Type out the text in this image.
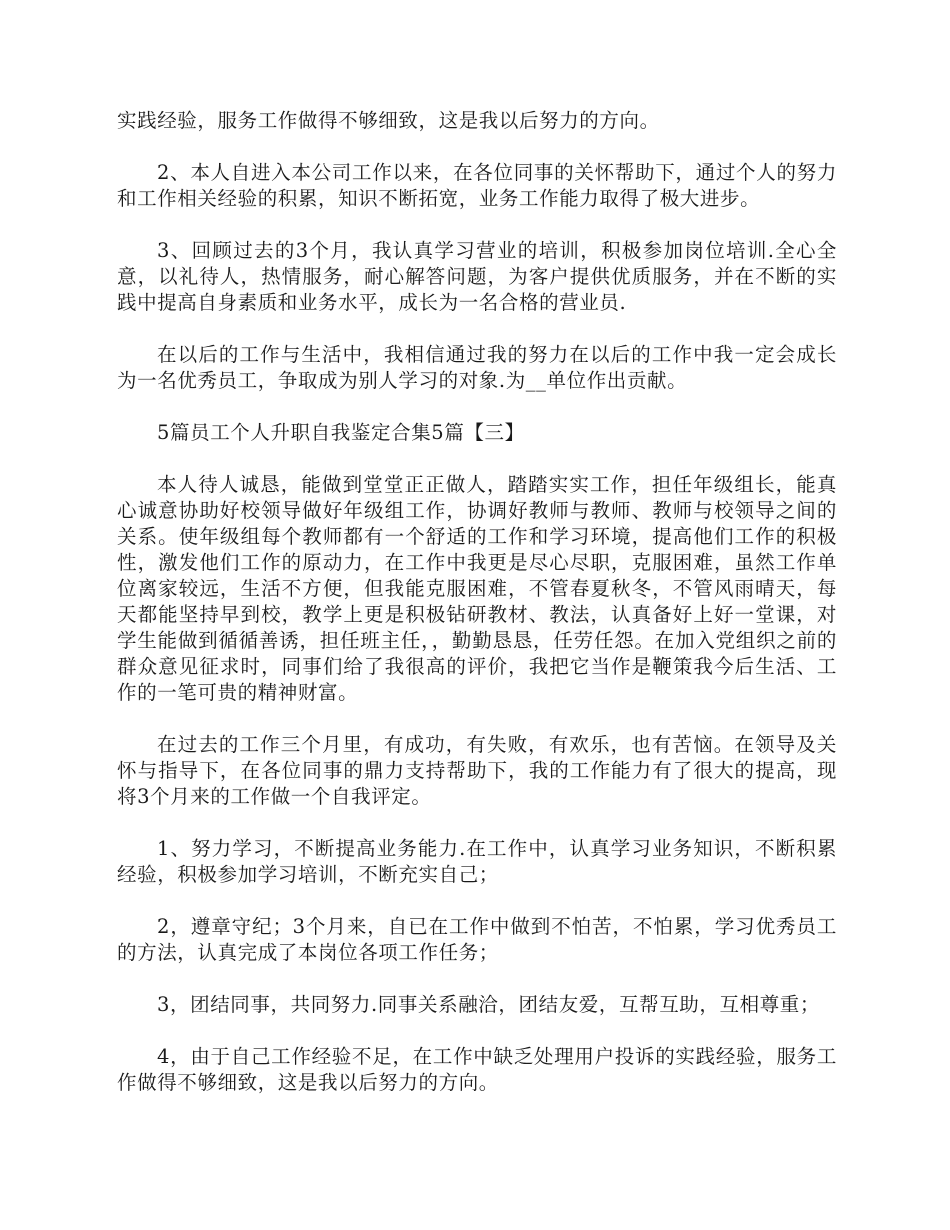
实践经验，服务工作做得不够细致，这是我以后努力的方向。

2、本人自进入本公司工作以来，在各位同事的关怀帮助下，通过个人的努力和工作相关经验的积累，知识不断拓宽，业务工作能力取得了极大进步。

3、回顾过去的3个月，我认真学习营业的培训，积极参加岗位培训.全心全意，以礼待人，热情服务，耐心解答问题，为客户提供优质服务，并在不断的实践中提高自身素质和业务水平，成长为一名合格的营业员.

在以后的工作与生活中，我相信通过我的努力在以后的工作中我一定会成长为一名优秀员工，争取成为别人学习的对象.为__单位作出贡献。

5篇员工个人升职自我鉴定合集5篇【三】

本人待人诚恳，能做到堂堂正正做人，踏踏实实工作，担任年级组长，能真心诚意协助好校领导做好年级组工作，协调好教师与教师、教师与校领导之间的关系。使年级组每个教师都有一个舒适的工作和学习环境，提高他们工作的积极性，激发他们工作的原动力，在工作中我更是尽心尽职，克服困难，虽然工作单位离家较远，生活不方便，但我能克服困难，不管春夏秋冬，不管风雨晴天，每天都能坚持早到校，教学上更是积极钻研教材、教法，认真备好上好一堂课，对学生能做到循循善诱，担任班主任，，勤勤恳恳，任劳任怨。在加入党组织之前的群众意见征求时，同事们给了我很高的评价，我把它当作是鞭策我今后生活、工作的一笔可贵的精神财富。

在过去的工作三个月里，有成功，有失败，有欢乐，也有苦恼。在领导及关怀与指导下，在各位同事的鼎力支持帮助下，我的工作能力有了很大的提高，现将3个月来的工作做一个自我评定。

1、努力学习，不断提高业务能力.在工作中，认真学习业务知识，不断积累经验，积极参加学习培训，不断充实自己；

2，遵章守纪；3个月来，自已在工作中做到不怕苦，不怕累，学习优秀员工的方法，认真完成了本岗位各项工作任务；

3，团结同事，共同努力.同事关系融洽，团结友爱，互帮互助，互相尊重；

4，由于自己工作经验不足，在工作中缺乏处理用户投诉的实践经验，服务工作做得不够细致，这是我以后努力的方向。
